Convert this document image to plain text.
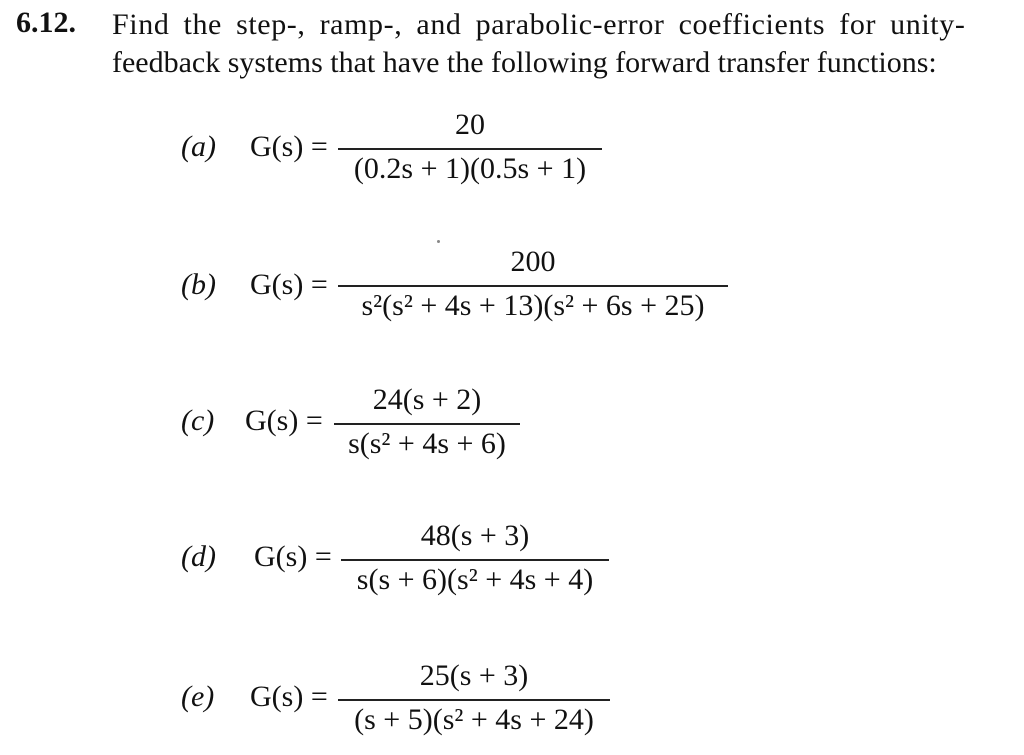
6.12. Find the step-, ramp-, and parabolic-error coefficients for unity-
feedback systems that have the following forward transfer functions:
(a) G(s) =
20
(0.2s + 1)(0.5s + 1)
(b) G(s) =
200
s²(s² + 4s + 13)(s² + 6s + 25)
(c) G(s) =
24(s + 2)
s(s² + 4s + 6)
(d) G(s) =
48(s + 3)
s(s + 6)(s² + 4s + 4)
(e) G(s) =
25(s + 3)
(s + 5)(s² + 4s + 24)
